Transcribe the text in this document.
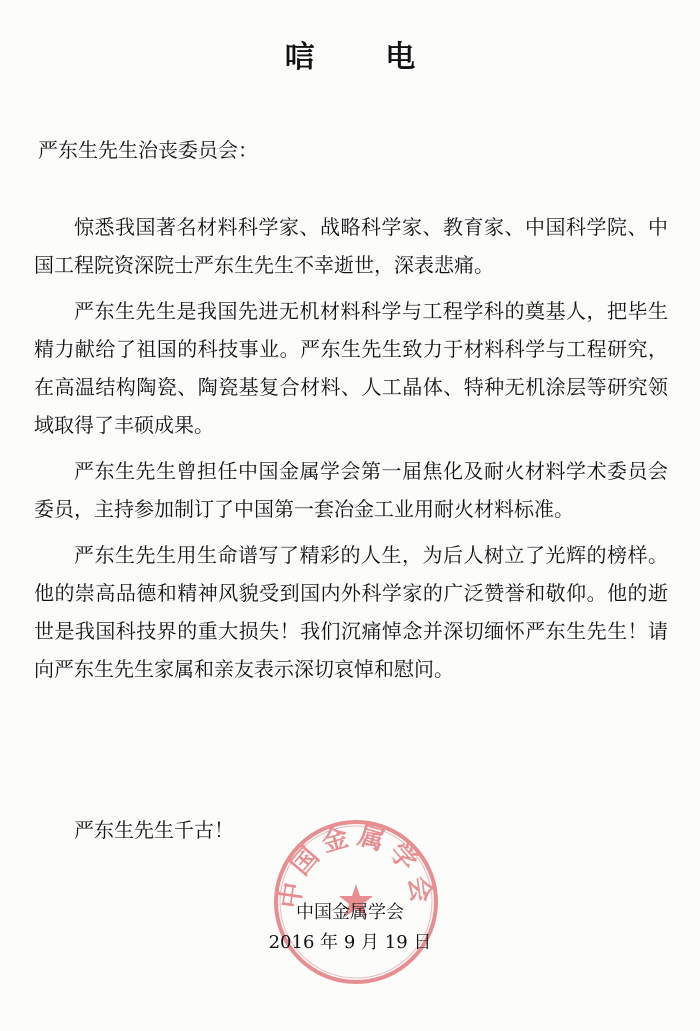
唁 电
严东生先生治丧委员会：

惊悉我国著名材料科学家、战略科学家、教育家、中国科学院、中国工程院资深院士严东生先生不幸逝世，深表悲痛。

严东生先生是我国先进无机材料科学与工程学科的奠基人，把毕生精力献给了祖国的科技事业。严东生先生致力于材料科学与工程研究，在高温结构陶瓷、陶瓷基复合材料、人工晶体、特种无机涂层等研究领域取得了丰硕成果。

严东生先生曾担任中国金属学会第一届焦化及耐火材料学术委员会委员，主持参加制订了中国第一套冶金工业用耐火材料标准。

严东生先生用生命谱写了精彩的人生，为后人树立了光辉的榜样。他的崇高品德和精神风貌受到国内外科学家的广泛赞誉和敬仰。他的逝世是我国科技界的重大损失！我们沉痛悼念并深切缅怀严东生先生！请向严东生先生家属和亲友表示深切哀悼和慰问。

严东生先生千古！
中国金属学会
中国金属学会
2016 年 9 月 19 日
